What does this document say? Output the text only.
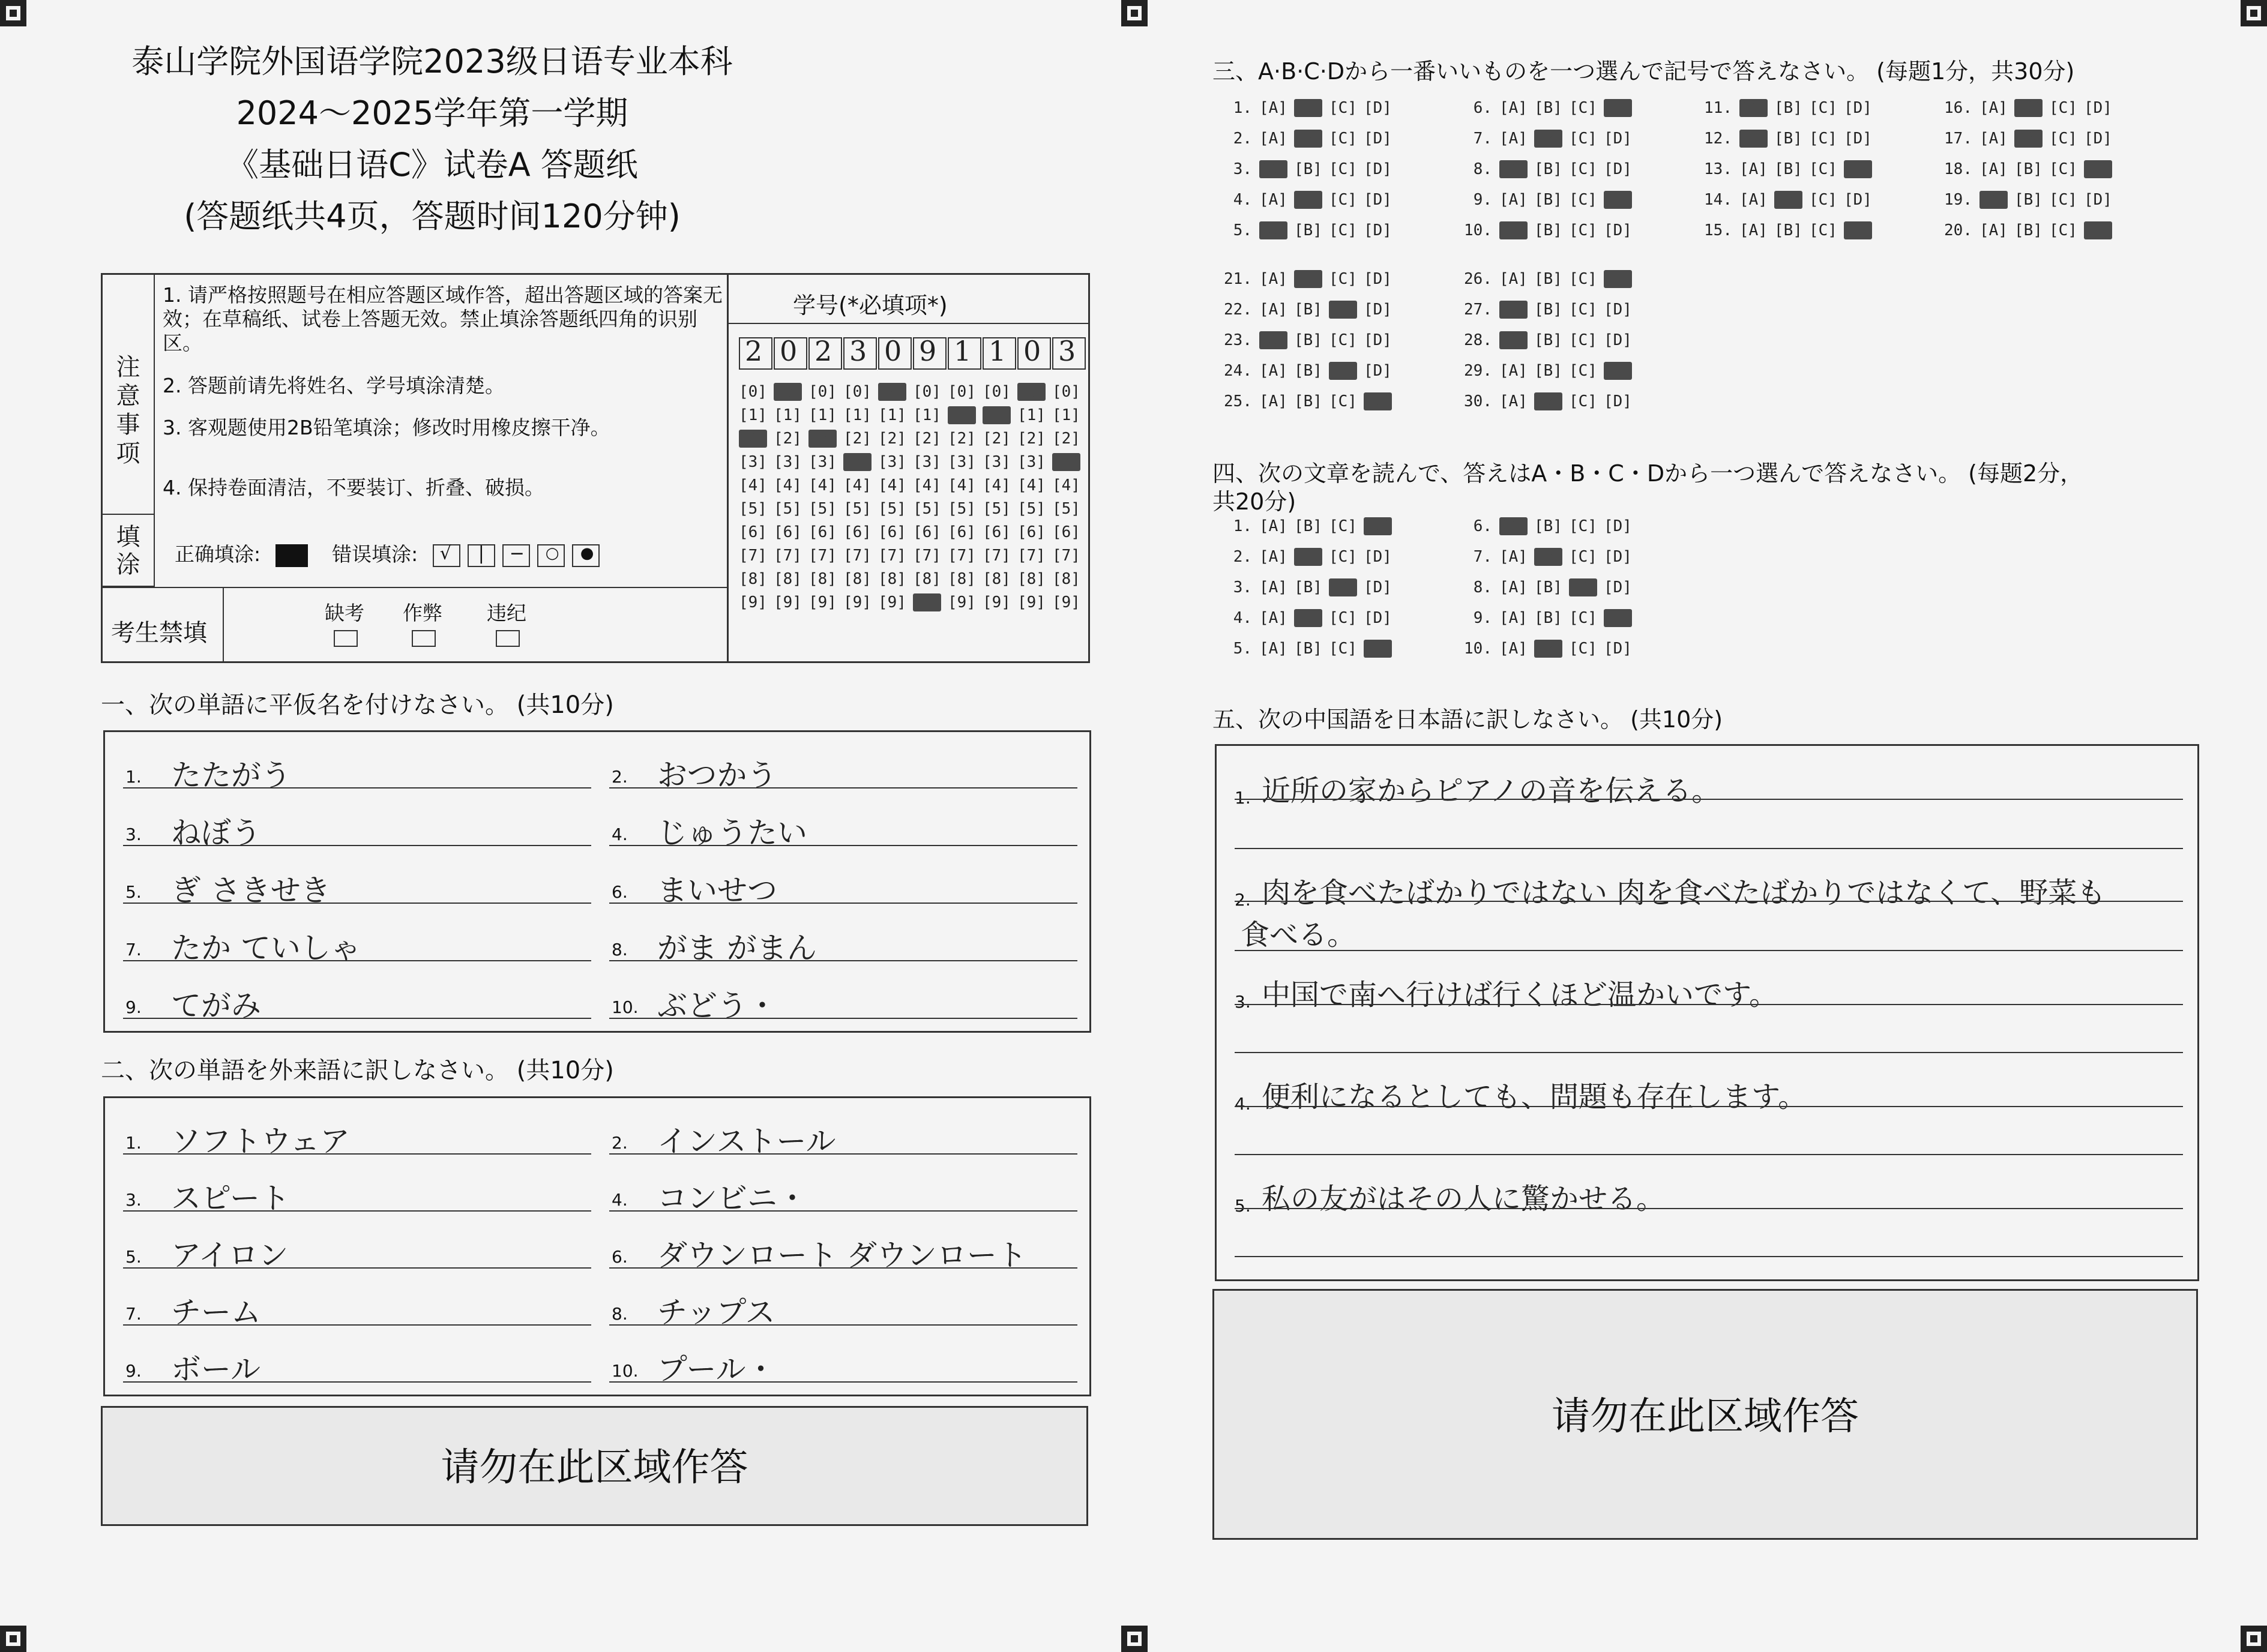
泰山学院外国语学院2023级日语专业本科
2024～2025学年第一学期
《基础日语C》试卷A 答题纸
(答题纸共4页，答题时间120分钟)
注意事项
1. 请严格按照题号在相应答题区域作答，超出答题区域的答案无效；在草稿纸、试卷上答题无效。禁止填涂答题纸四角的识别区。
2. 答题前请先将姓名、学号填涂清楚。
3. 客观题使用2B铅笔填涂；修改时用橡皮擦干净。
4. 保持卷面清洁，不要装订、折叠、破损。
填涂 正确填涂:	错误填涂: √ | − ○ ●
考生禁填
缺考 作弊 违纪
学号(*必填项*)
2 0 2 3 0 9 1 1 0 3
[0] [0] [0] [0] [0] [0] [0] [0] [0] [0]
[1] [1] [1] [1] [1] [1] [1] [1] [1] [1]
[2] [2] [2] [2] [2] [2] [2] [2] [2] [2]
[3] [3] [3] [3] [3] [3] [3] [3] [3] [3]
[4] [4] [4] [4] [4] [4] [4] [4] [4] [4]
[5] [5] [5] [5] [5] [5] [5] [5] [5] [5]
[6] [6] [6] [6] [6] [6] [6] [6] [6] [6]
[7] [7] [7] [7] [7] [7] [7] [7] [7] [7]
[8] [8] [8] [8] [8] [8] [8] [8] [8] [8]
[9] [9] [9] [9] [9] [9] [9] [9] [9] [9]
一、次の単語に平仮名を付けなさい。 (共10分)
1. たたがう	2. おつかう
3. ねぼう	4. じゅうたい
5. ぎ さきせき	6. まいせつ
7. たか ていしゃ	8. がま がまん
9. てがみ	10. ぶどう・
二、次の単語を外来語に訳しなさい。 (共10分)
1. ソフトウェア	2. インストール
3. スピート	4. コンビニ・
5. アイロン	6. ダウンロート ダウンロート
7. チーム	8. チップス
9. ボール	10. プール・
请勿在此区域作答
三、A·B·C·Dから一番いいものを一つ選んで記号で答えなさい。 (每题1分，共30分)
1. [A] [B] [C] [D]
2. [A] [B] [C] [D]
3. [A] [B] [C] [D]
4. [A] [B] [C] [D]
5. [A] [B] [C] [D]
6. [A] [B] [C] [D]
7. [A] [B] [C] [D]
8. [A] [B] [C] [D]
9. [A] [B] [C] [D]
10. [A] [B] [C] [D]
11. [A] [B] [C] [D]
12. [A] [B] [C] [D]
13. [A] [B] [C] [D]
14. [A] [B] [C] [D]
15. [A] [B] [C] [D]
16. [A] [B] [C] [D]
17. [A] [B] [C] [D]
18. [A] [B] [C] [D]
19. [A] [B] [C] [D]
20. [A] [B] [C] [D]
21. [A] [B] [C] [D]
22. [A] [B] [C] [D]
23. [A] [B] [C] [D]
24. [A] [B] [C] [D]
25. [A] [B] [C] [D]
26. [A] [B] [C] [D]
27. [A] [B] [C] [D]
28. [A] [B] [C] [D]
29. [A] [B] [C] [D]
30. [A] [B] [C] [D]
四、次の文章を読んで、答えはA・B・C・Dから一つ選んで答えなさい。 (每题2分，
共20分)
1. [A] [B] [C] [D]
2. [A] [B] [C] [D]
3. [A] [B] [C] [D]
4. [A] [B] [C] [D]
5. [A] [B] [C] [D]
6. [A] [B] [C] [D]
7. [A] [B] [C] [D]
8. [A] [B] [C] [D]
9. [A] [B] [C] [D]
10. [A] [B] [C] [D]
五、次の中国語を日本語に訳しなさい。 (共10分)
1. 近所の家からピアノの音を伝える。
2. 肉を食べたばかりではない 肉を食べたばかりではなくて、野菜も
食べる。
3. 中国で南へ行けば行くほど温かいです。
4. 便利になるとしても、問題も存在します。
5. 私の友がはその人に驚かせる。
请勿在此区域作答
